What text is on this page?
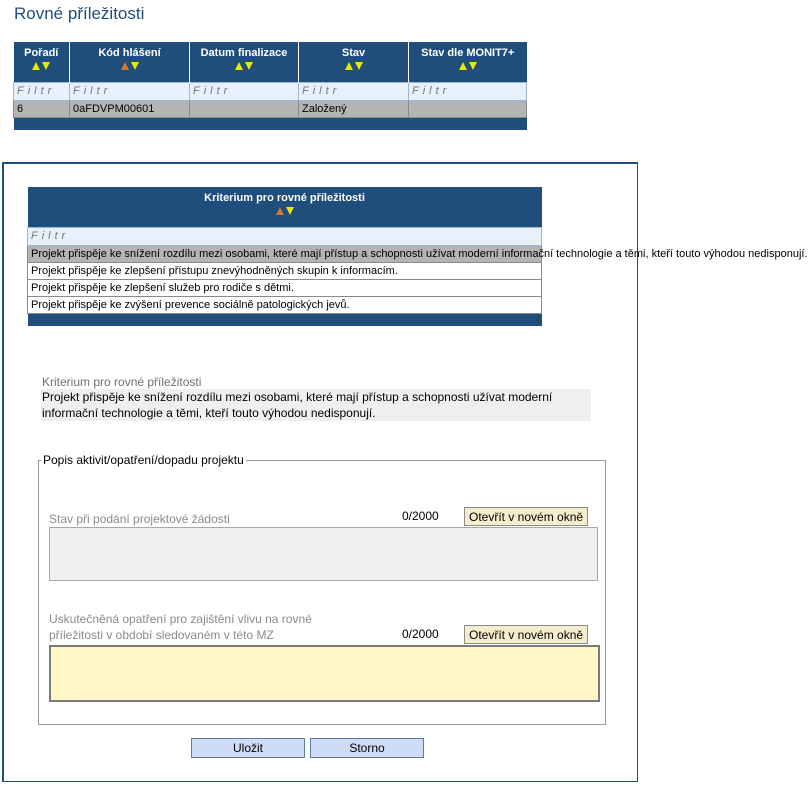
Rovné příležitosti
Pořadí	Kód hlášení	Datum finalizace	Stav	Stav dle MONIT7+

Filtr	Filtr	Filtr	Filtr	Filtr
6	0aFDVPM00601		Založený	

Kriterium pro rovné příležitosti

Filtr
Projekt přispěje ke snížení rozdílu mezi osobami, které mají přístup a schopnosti užívat moderní informační technologie a těmi, kteří touto výhodou nedisponují.
Projekt přispěje ke zlepšení přístupu znevýhodněných skupin k informacím.
Projekt přispěje ke zlepšení služeb pro rodiče s dětmi.
Projekt přispěje ke zvýšení prevence sociálně patologických jevů.

Kriterium pro rovné příležitosti
Projekt přispěje ke snížení rozdílu mezi osobami, které mají přístup a schopnosti užívat moderní informační technologie a těmi, kteří touto výhodou nedisponují.
Popis aktivit/opatření/dopadu projektu
Stav při podání projektové žádosti	0/2000	Otevřít v novém okně
Uskutečněná opatření pro zajištění vlivu na rovné příležitosti v období sledovaném v této MZ	0/2000	Otevřít v novém okně
Uložit	Storno
